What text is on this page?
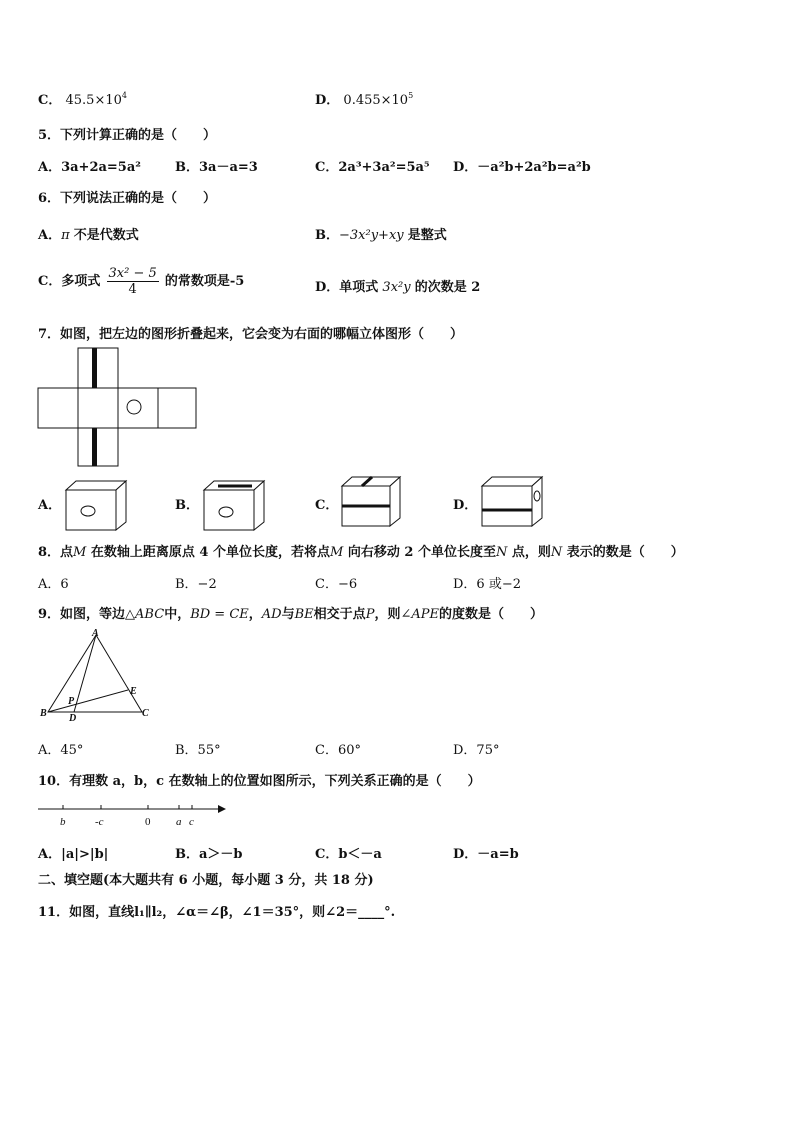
C． $45.5\times 10^4$	D． $0.455\times 10^5$
5．下列计算正确的是（　　）
A．3a+2a=5a²	B．3a－a=3	C．2a³+3a²=5a⁵ D．－a²b+2a²b=a²b
6．下列说法正确的是（　　）
A．π 不是代数式	B．−3x²y+xy 是整式
C．多项式 $\frac{\text{3x² − 5}}{4}$ 的常数项是-5	D．单项式 3x²y 的次数是 2
7．如图，把左边的图形折叠起来，它会变为右面的哪幅立体图形（　　）
A．	B．	C．	D．
8．点M 在数轴上距离原点 4 个单位长度，若将点M 向右移动 2 个单位长度至N 点，则N 表示的数是（　　）
A．6	B．−2	C．−6	D．6 或−2
9．如图，等边△ABC中，BD = CE，AD与BE相交于点P，则∠APE的度数是（　　）
A
E
P
B D	C
A．45°	B．55°	C．60°	D．75°
10．有理数 a，b，c 在数轴上的位置如图所示，下列关系正确的是（　　）
b	-c	0 a c
A．|a|>|b|	B．a＞－b	C．b＜－a	D．－a=b
二、填空题(本大题共有 6 小题，每小题 3 分，共 18 分)
11．如图，直线l₁∥l₂，∠α＝∠β，∠1＝35°，则∠2＝____°.
